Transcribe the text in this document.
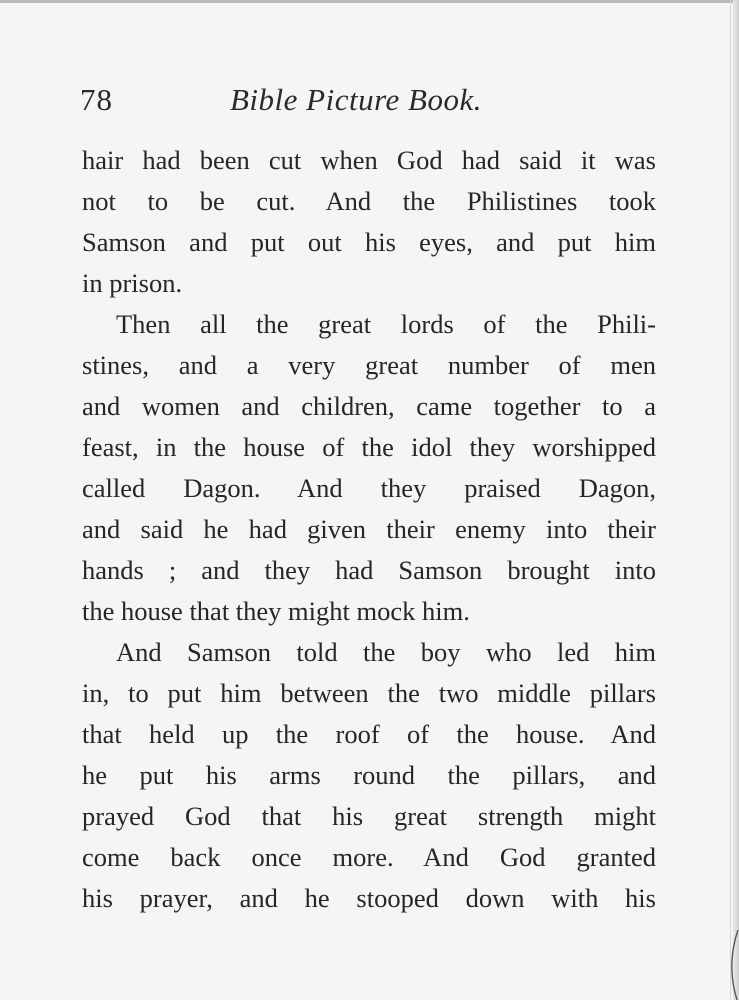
78	Bible Picture Book.
hair had been cut when God had said it was
not to be cut. And the Philistines took
Samson and put out his eyes, and put him
in prison.
Then all the great lords of the Phili-
stines, and a very great number of men
and women and children, came together to a
feast, in the house of the idol they worshipped
called Dagon. And they praised Dagon,
and said he had given their enemy into their
hands ; and they had Samson brought into
the house that they might mock him.
And Samson told the boy who led him
in, to put him between the two middle pillars
that held up the roof of the house. And
he put his arms round the pillars, and
prayed God that his great strength might
come back once more. And God granted
his prayer, and he stooped down with his
